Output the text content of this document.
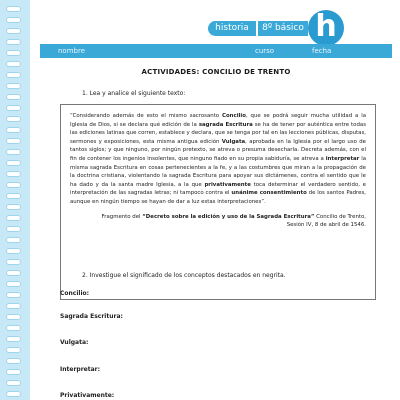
historia	8º básico h
nombre	curso	fecha
ACTIVIDADES: CONCILIO DE TRENTO
1. Lea y analice el siguiente texto:
“Considerando además de esto el mismo sacrosanto Concilio, que se podrá seguir mucha utilidad a la Iglesia de Dios, si se declara qué edición de la sagrada Escritura se ha de tener por auténtica entre todas las ediciones latinas que corren, establece y declara, que se tenga por tal en las lecciones públicas, disputas, sermones y exposiciones, esta misma antigua edición Vulgata, aprobada en la Iglesia por el largo uso de tantos siglos; y que ninguno, por ningún pretexto, se atreva o presuma desecharla. Decreta además, con el fin de contener los ingenios insolentes, que ninguno fiado en su propia sabiduría, se atreva a interpretar la misma sagrada Escritura en cosas pertenecientes a la fe, y a las costumbres que miran a la propagación de la doctrina cristiana, violentando la sagrada Escritura para apoyar sus dictámenes, contra el sentido que le ha dado y da la santa madre Iglesia, a la que privativamente toca determinar el verdadero sentido, e interpretación de las sagradas letras; ni tampoco contra el unánime consentimiento de los santos Padres, aunque en ningún tiempo se hayan de dar a luz estas interpretaciones”.
Fragmento del “Decreto sobre la edición y uso de la Sagrada Escritura” Concilio de Trento,
Sesión IV, 8 de abril de 1546.
2. Investigue el significado de los conceptos destacados en negrita.
Concilio:
Sagrada Escritura:
Vulgata:
Interpretar:
Privativamente:
